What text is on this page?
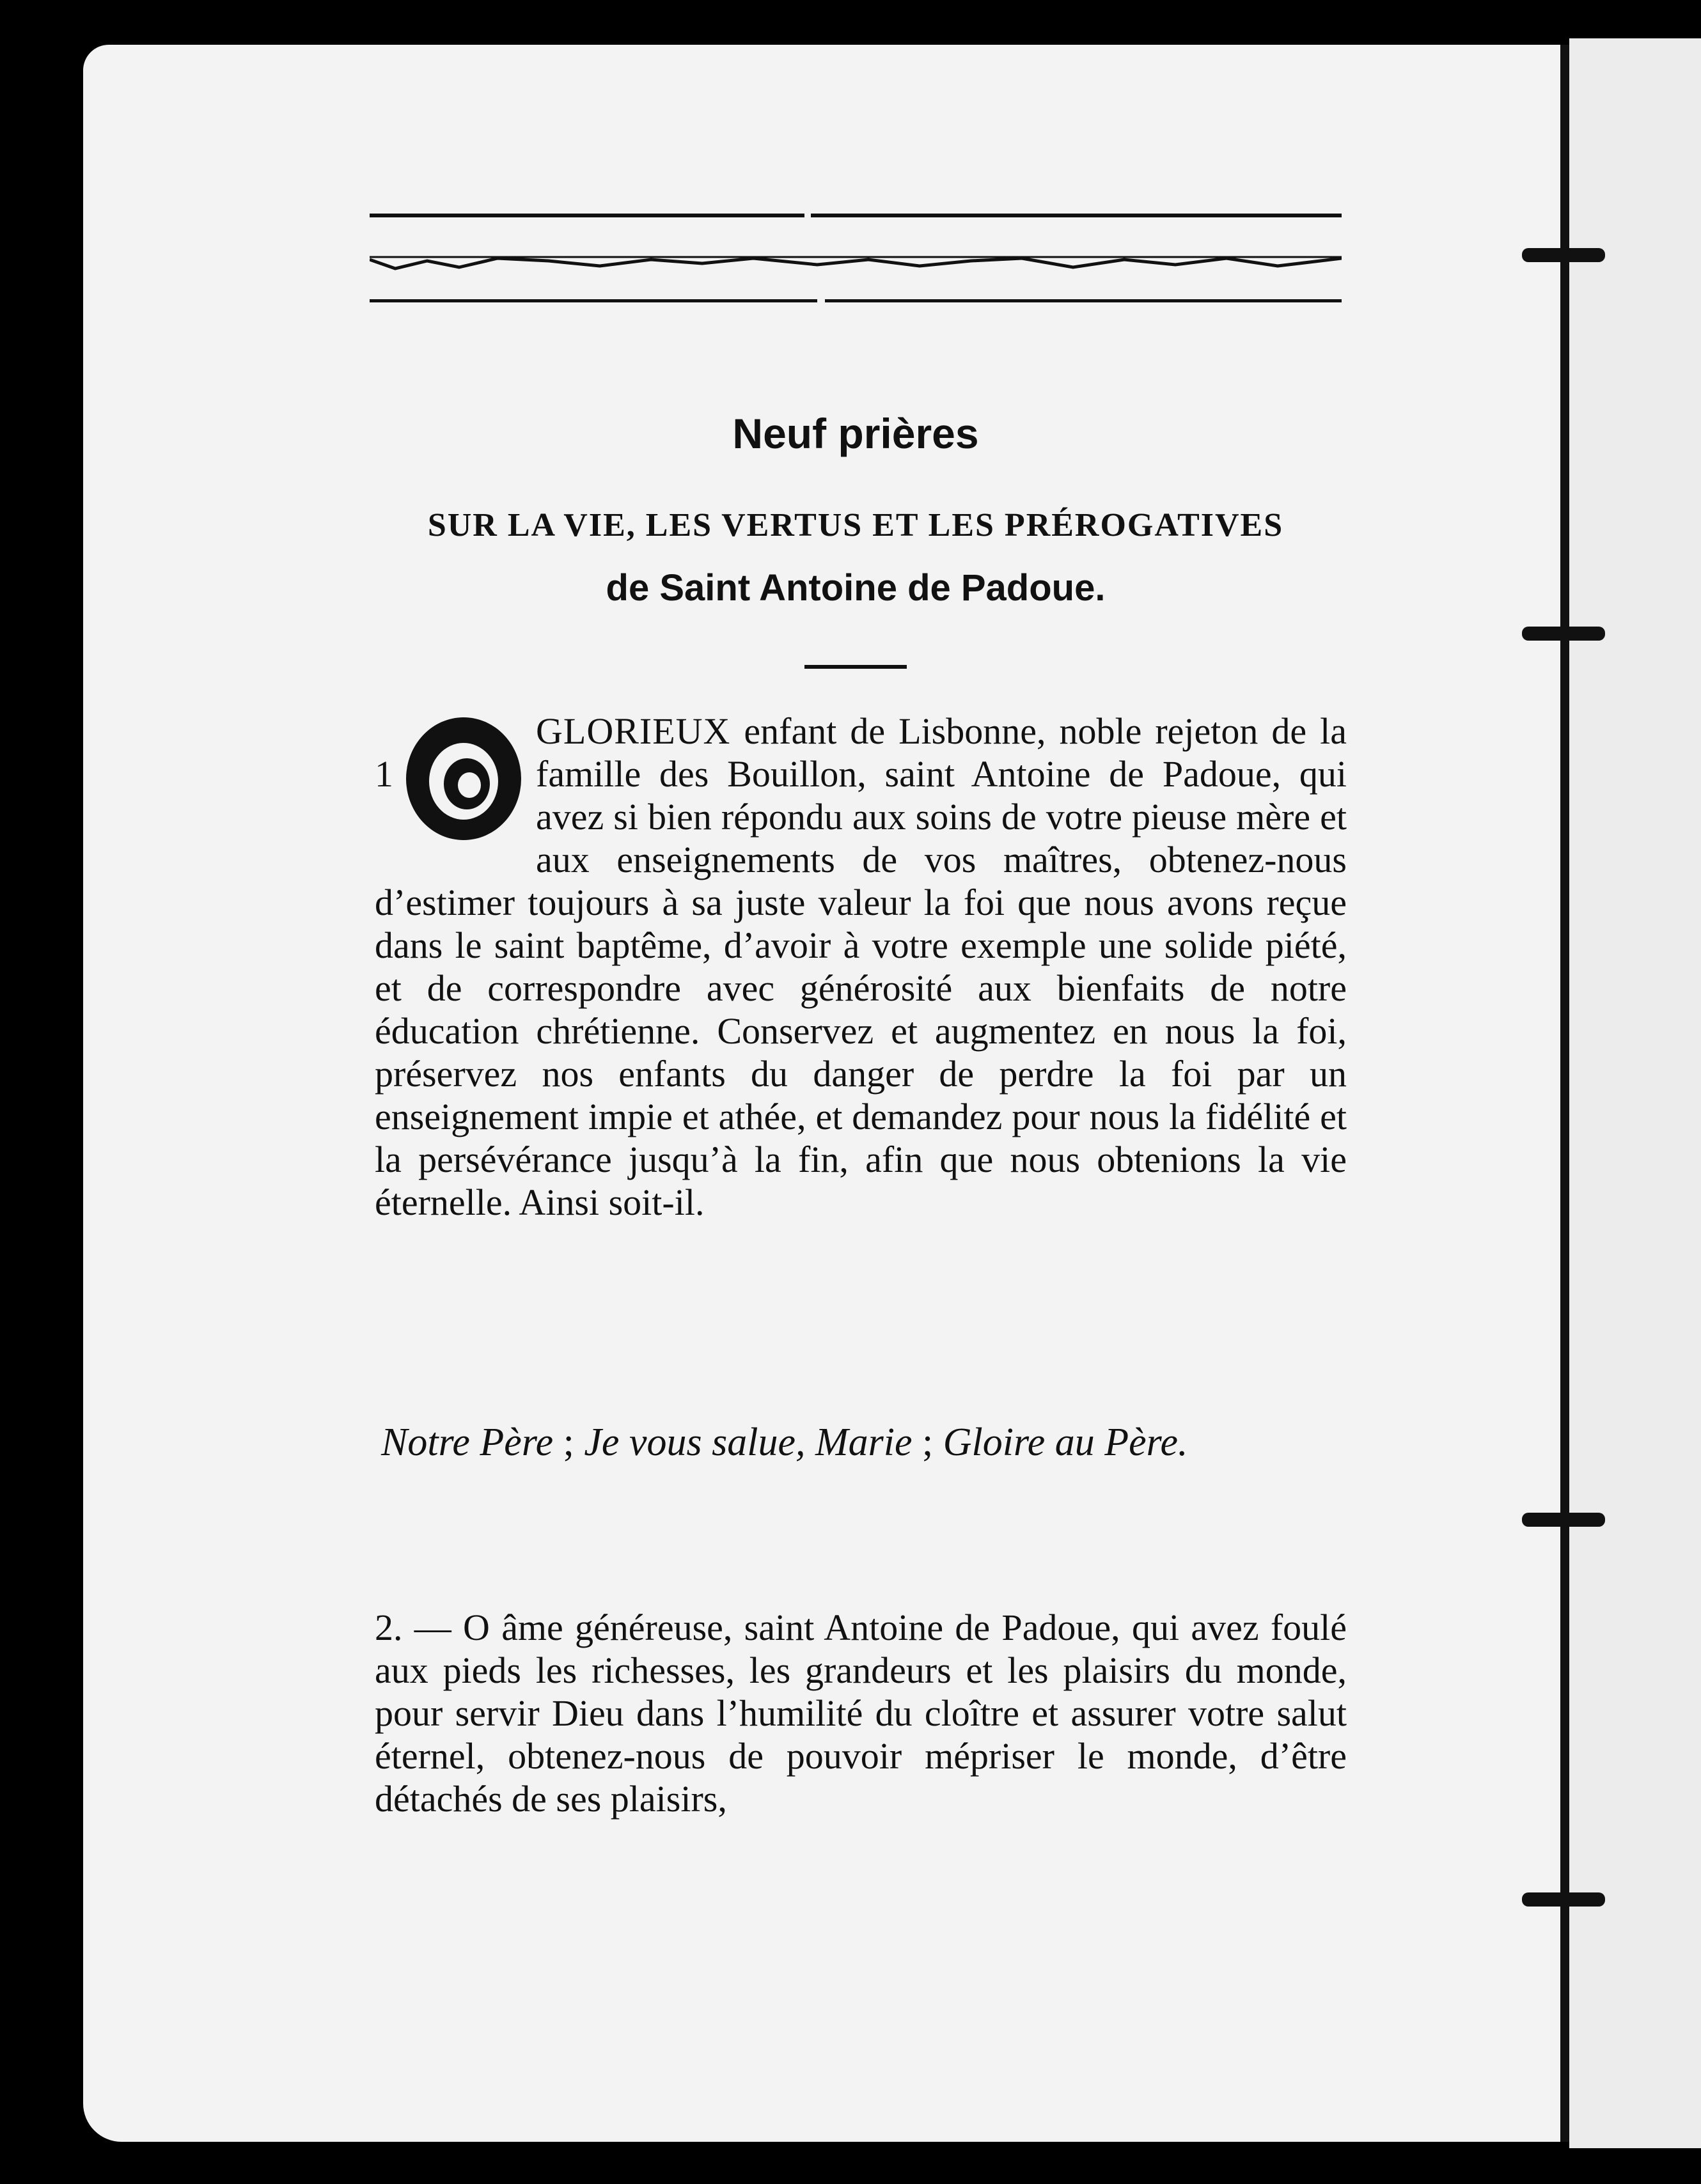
Neuf prières
SUR LA VIE, LES VERTUS ET LES PRÉROGATIVES
de Saint Antoine de Padoue.
1
GLORIEUX enfant de Lisbonne, noble rejeton de la famille des Bouillon, saint Antoine de Padoue, qui avez si bien répondu aux soins de votre pieuse mère et aux enseignements de vos maîtres, obtenez-nous d’estimer toujours à sa juste valeur la foi que nous avons reçue dans le saint baptême, d’avoir à votre exemple une solide piété, et de correspondre avec générosité aux bienfaits de notre éducation chrétienne. Conservez et augmentez en nous la foi, préservez nos enfants du danger de perdre la foi par un enseignement impie et athée, et demandez pour nous la fidélité et la persévérance jusqu’à la fin, afin que nous obtenions la vie éternelle. Ainsi soit-il.
Notre Père ; Je vous salue, Marie ; Gloire au Père.
2. — O âme généreuse, saint Antoine de Padoue, qui avez foulé aux pieds les richesses, les grandeurs et les plaisirs du monde, pour servir Dieu dans l’humilité du cloître et assurer votre salut éternel, obtenez-nous de pouvoir mépriser le monde, d’être détachés de ses plaisirs,
